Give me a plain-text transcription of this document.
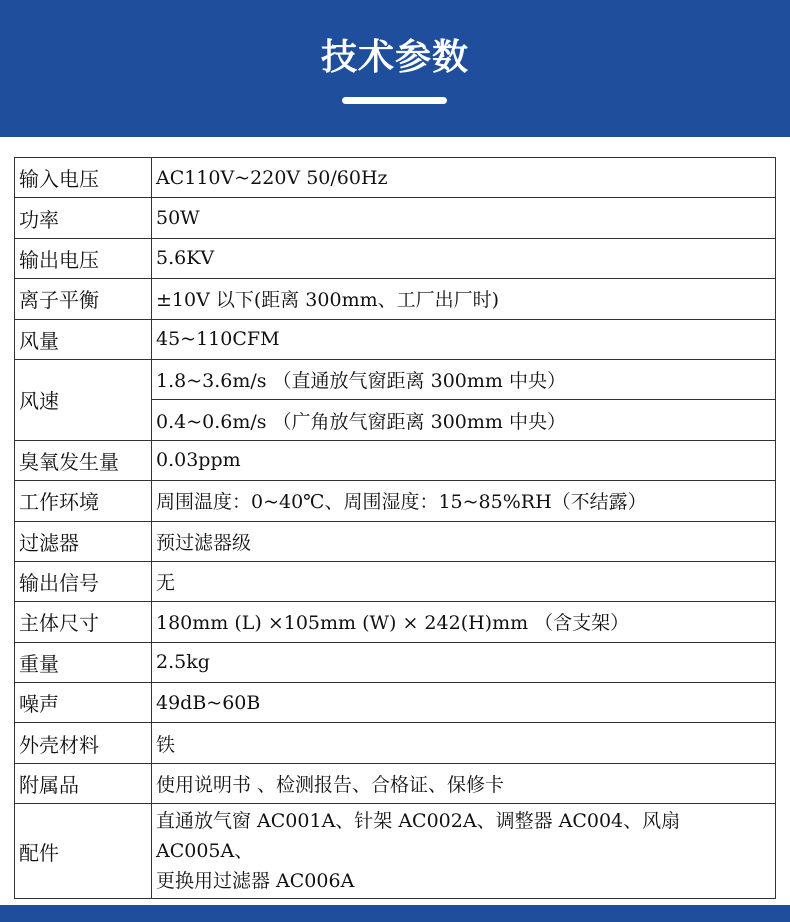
技术参数
输入电压	AC110V~220V 50/60Hz
功率	50W
输出电压	5.6KV
离子平衡	±10V 以下(距离 300mm、工厂出厂时)
风量	45~110CFM
风速	1.8~3.6m/s （直通放气窗距离 300mm 中央）
	0.4~0.6m/s （广角放气窗距离 300mm 中央）
臭氧发生量	0.03ppm
工作环境	周围温度：0~40℃、周围湿度：15~85%RH（不结露）
过滤器	预过滤器级
输出信号	无
主体尺寸	180mm (L) ×105mm (W) × 242(H)mm （含支架）
重量	2.5kg
噪声	49dB~60B
外壳材料	铁
附属品	使用说明书 、检测报告、合格证、保修卡
配件	直通放气窗 AC001A、针架 AC002A、调整器 AC004、风扇 AC005A、
更换用过滤器 AC006A
